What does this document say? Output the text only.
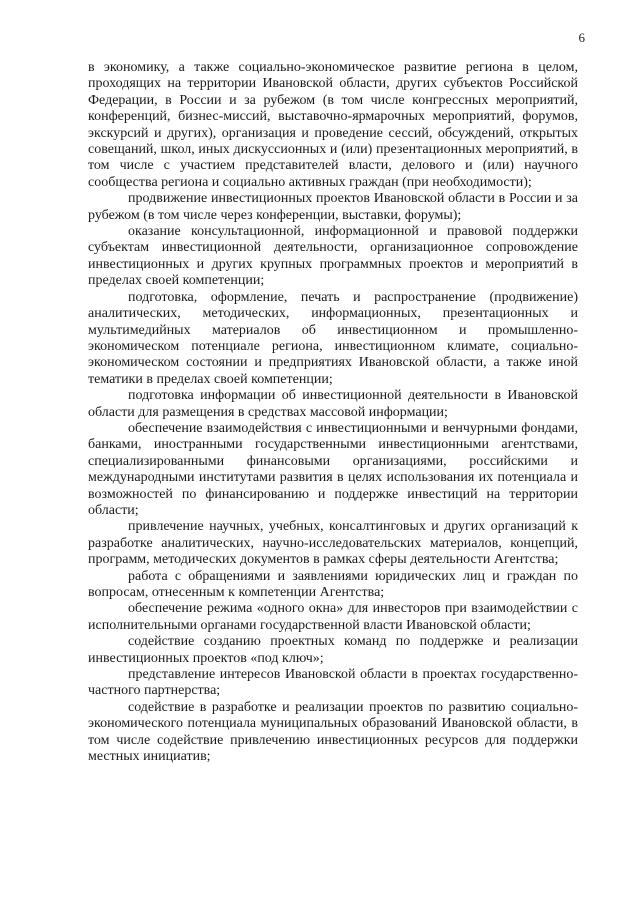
6

в экономику, а также социально-экономическое развитие региона в целом, проходящих на территории Ивановской области, других субъектов Российской Федерации, в России и за рубежом (в том числе конгрессных мероприятий, конференций, бизнес-миссий, выставочно-ярмарочных мероприятий, форумов, экскурсий и других), организация и проведение сессий, обсуждений, открытых совещаний, школ, иных дискуссионных и (или) презентационных мероприятий, в том числе с участием представителей власти, делового и (или) научного сообщества региона и социально активных граждан (при необходимости);

продвижение инвестиционных проектов Ивановской области в России и за рубежом (в том числе через конференции, выставки, форумы);

оказание консультационной, информационной и правовой поддержки субъектам инвестиционной деятельности, организационное сопровождение инвестиционных и других крупных программных проектов и мероприятий в пределах своей компетенции;

подготовка, оформление, печать и распространение (продвижение) аналитических, методических, информационных, презентационных и мультимедийных материалов об инвестиционном и промышленно-экономическом потенциале региона, инвестиционном климате, социально-экономическом состоянии и предприятиях Ивановской области, а также иной тематики в пределах своей компетенции;

подготовка информации об инвестиционной деятельности в Ивановской области для размещения в средствах массовой информации;

обеспечение взаимодействия с инвестиционными и венчурными фондами, банками, иностранными государственными инвестиционными агентствами, специализированными финансовыми организациями, российскими и международными институтами развития в целях использования их потенциала и возможностей по финансированию и поддержке инвестиций на территории области;

привлечение научных, учебных, консалтинговых и других организаций к разработке аналитических, научно-исследовательских материалов, концепций, программ, методических документов в рамках сферы деятельности Агентства;

работа с обращениями и заявлениями юридических лиц и граждан по вопросам, отнесенным к компетенции Агентства;

обеспечение режима «одного окна» для инвесторов при взаимодействии с исполнительными органами государственной власти Ивановской области;

содействие созданию проектных команд по поддержке и реализации инвестиционных проектов «под ключ»;

представление интересов Ивановской области в проектах государственно-частного партнерства;

содействие в разработке и реализации проектов по развитию социально-экономического потенциала муниципальных образований Ивановской области, в том числе содействие привлечению инвестиционных ресурсов для поддержки местных инициатив;
